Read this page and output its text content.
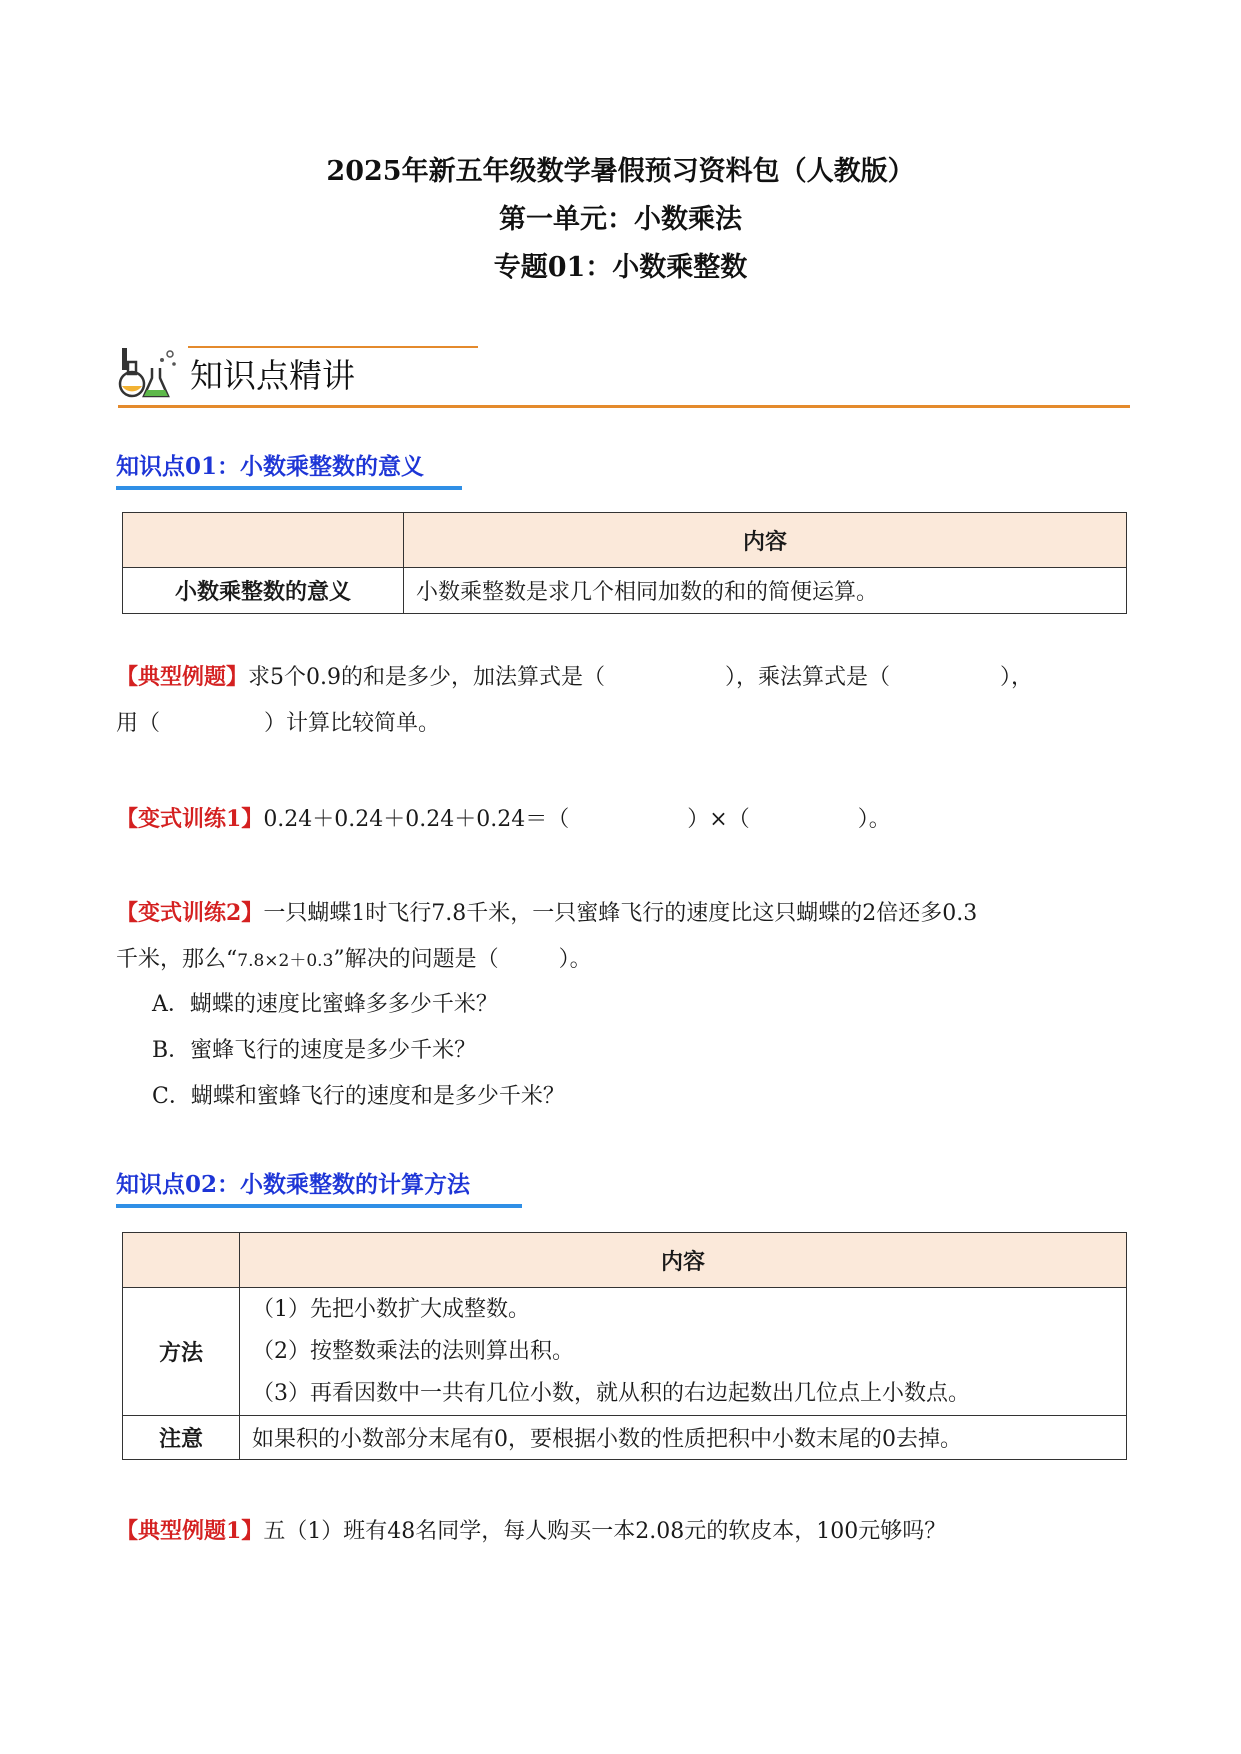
2025年新五年级数学暑假预习资料包（人教版）
第一单元：小数乘法
专题01：小数乘整数
知识点精讲
知识点01：小数乘整数的意义
	内容
小数乘整数的意义	小数乘整数是求几个相同加数的和的简便运算。
【典型例题】求5个0.9的和是多少，加法算式是（	），乘法算式是（	），
用（	）计算比较简单。
【变式训练1】0.24＋0.24＋0.24＋0.24＝（	）×（	）。
【变式训练2】一只蝴蝶1时飞行7.8千米，一只蜜蜂飞行的速度比这只蝴蝶的2倍还多0.3
千米，那么“7.8×2＋0.3”解决的问题是（	）。
A．蝴蝶的速度比蜜蜂多多少千米？
B．蜜蜂飞行的速度是多少千米？
C．蝴蝶和蜜蜂飞行的速度和是多少千米？
知识点02：小数乘整数的计算方法
	内容
方法	（1）先把小数扩大成整数。
（2）按整数乘法的法则算出积。
（3）再看因数中一共有几位小数，就从积的右边起数出几位点上小数点。

注意	如果积的小数部分末尾有0，要根据小数的性质把积中小数末尾的0去掉。
【典型例题1】五（1）班有48名同学，每人购买一本2.08元的软皮本，100元够吗？
